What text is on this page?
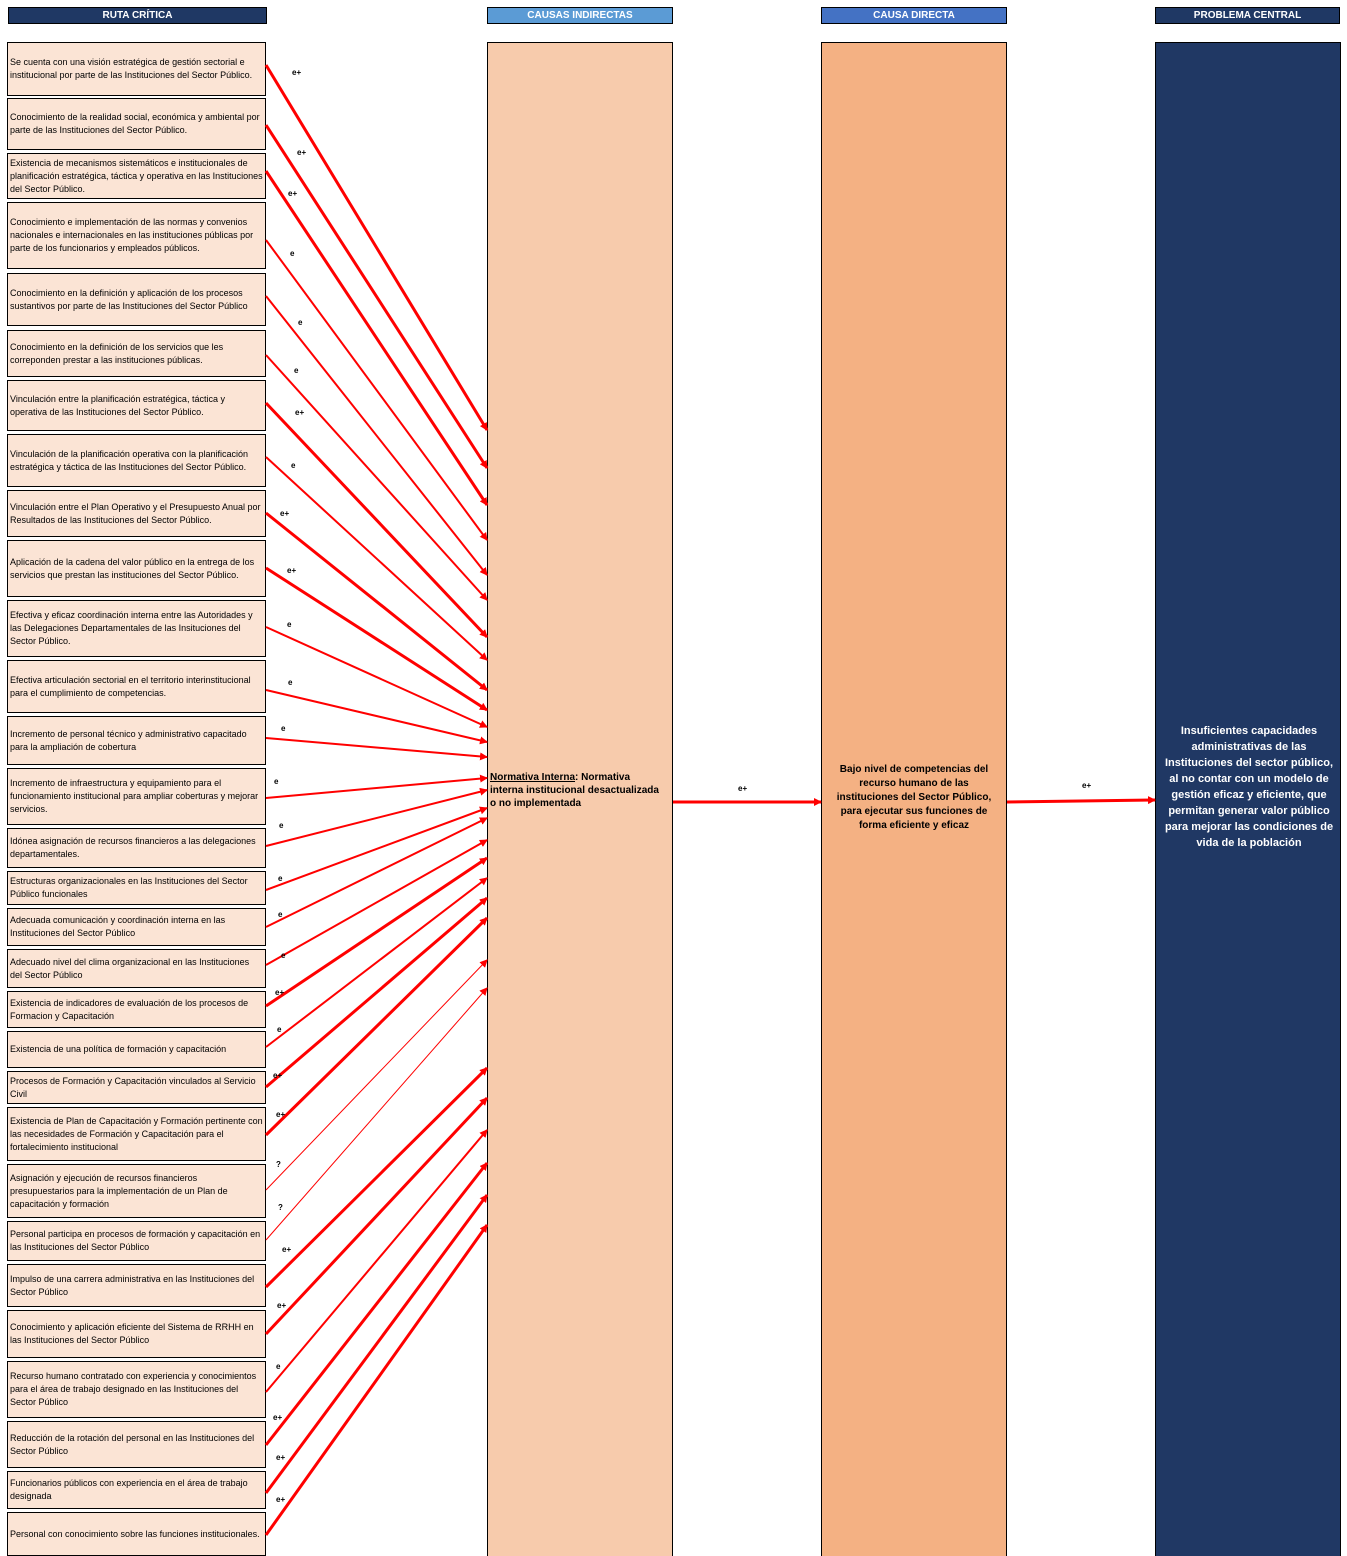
RUTA CRÍTICA	CAUSAS INDIRECTAS	CAUSA DIRECTA	PROBLEMA CENTRAL
Se cuenta con una visión estratégica de gestión sectorial e institucional por parte de las Instituciones del Sector Público.
Conocimiento de la realidad social, económica y ambiental por parte de las Instituciones del Sector Público.
Existencia de mecanismos sistemáticos e institucionales de planificación estratégica, táctica y operativa en las Instituciones del Sector Público.
Conocimiento e implementación de las normas y convenios nacionales e internacionales en las instituciones públicas por parte de los funcionarios y empleados públicos.
Conocimiento en la definición y aplicación de los procesos sustantivos por parte de las Instituciones del Sector Público
Conocimiento en la definición de los servicios que les correponden prestar a las instituciones públicas.
Vinculación entre la planificación estratégica, táctica y operativa de las Instituciones del Sector Público.
Vinculación de la planificación operativa con la planificación estratégica y táctica de las Instituciones del Sector Público.
Vinculación entre el Plan Operativo y el Presupuesto Anual por Resultados de las Instituciones del Sector Público.
Aplicación de la cadena del valor público en la entrega de los servicios que prestan las instituciones del Sector Público.
Efectiva y eficaz coordinación interna entre las Autoridades y las Delegaciones Departamentales de las Insituciones del Sector Público.
Efectiva articulación sectorial en el territorio interinstitucional para el cumplimiento de competencias.
Incremento de personal técnico y administrativo capacitado para la ampliación de cobertura
Incremento de infraestructura y equipamiento para el funcionamiento institucional para ampliar coberturas y mejorar servicios.
Idónea asignación de recursos financieros a las delegaciones departamentales.
Estructuras organizacionales en las Instituciones del Sector Público funcionales
Adecuada comunicación y coordinación interna en las Instituciones del Sector Público
Adecuado nivel del clima organizacional en las Instituciones del Sector Público
Existencia de indicadores de evaluación de los procesos de Formacion y Capacitación
Existencia de una política de formación y capacitación
Procesos de Formación y Capacitación vinculados al Servicio Civil
Existencia de Plan de Capacitación y Formación pertinente con las necesidades de Formación y Capacitación para el fortalecimiento institucional
Asignación y ejecución de recursos financieros presupuestarios para la implementación de un Plan de capacitación y formación
Personal participa en procesos de formación y capacitación en las Instituciones del Sector Público
Impulso de una carrera administrativa en las Instituciones del Sector Público
Conocimiento y aplicación eficiente del Sistema de RRHH en las Instituciones del Sector Público
Recurso humano contratado con experiencia y conocimientos para el área de trabajo designado en las Instituciones del Sector Público
Reducción de la rotación del personal en las Instituciones del Sector Público
Funcionarios públicos con experiencia en el área de trabajo designada
Personal con conocimiento sobre las funciones institucionales.
Normativa Interna: Normativa interna institucional desactualizada o no implementada
Bajo nivel de competencias del recurso humano de las instituciones del Sector Público, para ejecutar sus funciones de forma eficiente y eficaz
Insuficientes capacidades administrativas de las Instituciones del sector público, al no contar con un modelo de gestión eficaz y eficiente, que permitan generar valor público para mejorar las condiciones de vida de la población
e+	e+
e+
e+
e+
e
e
e
e+
e
e+
e+
e
e
e
e
e
e
e
e
e+
e
e+
e+
?
?
e+
e+
e
e+
e+
e+
